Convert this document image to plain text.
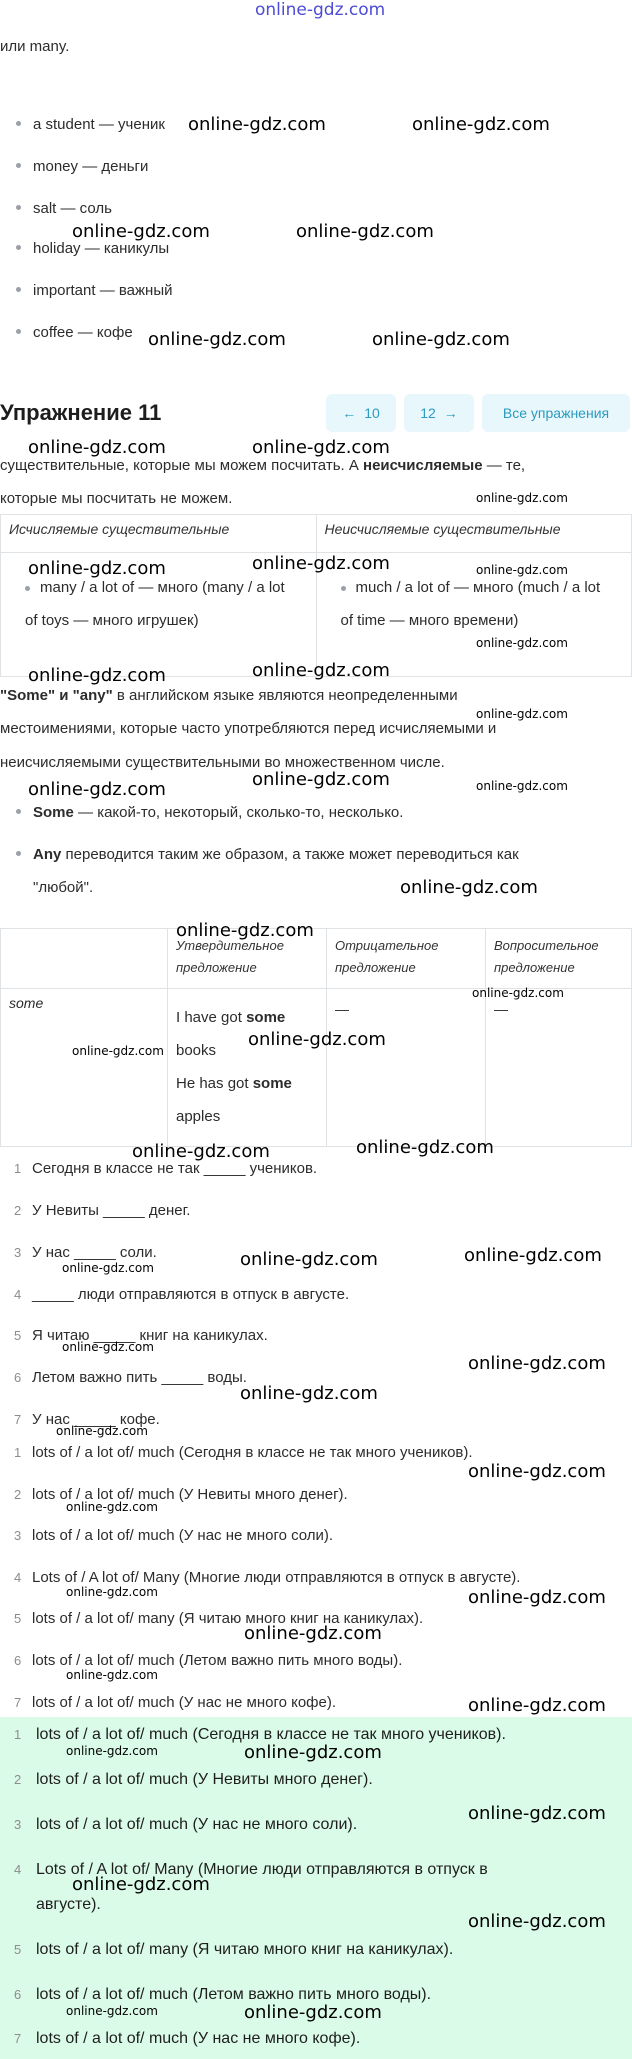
online-gdz.com
или many.
a student — ученик
money — деньги
salt — соль
holiday — каникулы
important — важный
coffee — кофе
Упражнение 11	← 10	12 →	Все упражнения
существительные, которые мы можем посчитать. А неисчисляемые — те,
которые мы посчитать не можем.
Исчисляемые существительные	Неисчисляемые существительные
many / a lot of — много (many / a lot of toys — много игрушек)	much / a lot of — много (much / a lot of time — много времени)
"Some" и "any" в английском языке являются неопределенными
местоимениями, которые часто употребляются перед исчисляемыми и
неисчисляемыми существительными во множественном числе.
Some — какой-то, некоторый, сколько-то, несколько.
Any переводится таким же образом, а также может переводиться как
"любой".
	Утвердительное предложение	Отрицательное предложение	Вопросительное предложение
some	I have got some
books
He has got some
apples	—	—
1 Сегодня в классе не так _____ учеников.
2 У Невиты _____ денег.
3 У нас _____ соли.
4 _____ люди отправляются в отпуск в августе.
5 Я читаю _____ книг на каникулах.
6 Летом важно пить _____ воды.
7 У нас _____ кофе.
1 lots of / a lot of/ much (Сегодня в классе не так много учеников).
2 lots of / a lot of/ much (У Невиты много денег).
3 lots of / a lot of/ much (У нас не много соли).
4 Lots of / A lot of/ Many (Многие люди отправляются в отпуск в августе).
5 lots of / a lot of/ many (Я читаю много книг на каникулах).
6 lots of / a lot of/ much (Летом важно пить много воды).
7 lots of / a lot of/ much (У нас не много кофе).
1 lots of / a lot of/ much (Сегодня в классе не так много учеников).
2 lots of / a lot of/ much (У Невиты много денег).
3 lots of / a lot of/ much (У нас не много соли).
4 Lots of / A lot of/ Many (Многие люди отправляются в отпуск в
августе).
5 lots of / a lot of/ many (Я читаю много книг на каникулах).
6 lots of / a lot of/ much (Летом важно пить много воды).
7 lots of / a lot of/ much (У нас не много кофе).
online-gdz.com	online-gdz.com
online-gdz.com	online-gdz.com
online-gdz.com	online-gdz.com
online-gdz.com	online-gdz.com
online-gdz.com
online-gdz.com	online-gdz.com	online-gdz.com
online-gdz.com
online-gdz.com	online-gdz.com
online-gdz.com
online-gdz.com	online-gdz.com	online-gdz.com
online-gdz.com
online-gdz.com
online-gdz.com
online-gdz.com
online-gdz.com
online-gdz.com	online-gdz.com
online-gdz.com	online-gdz.com
online-gdz.com
online-gdz.com
online-gdz.com
online-gdz.com
online-gdz.com
online-gdz.com
online-gdz.com
online-gdz.com	online-gdz.com
online-gdz.com
online-gdz.com
online-gdz.com
online-gdz.com	online-gdz.com
online-gdz.com
online-gdz.com
online-gdz.com
online-gdz.com	online-gdz.com
